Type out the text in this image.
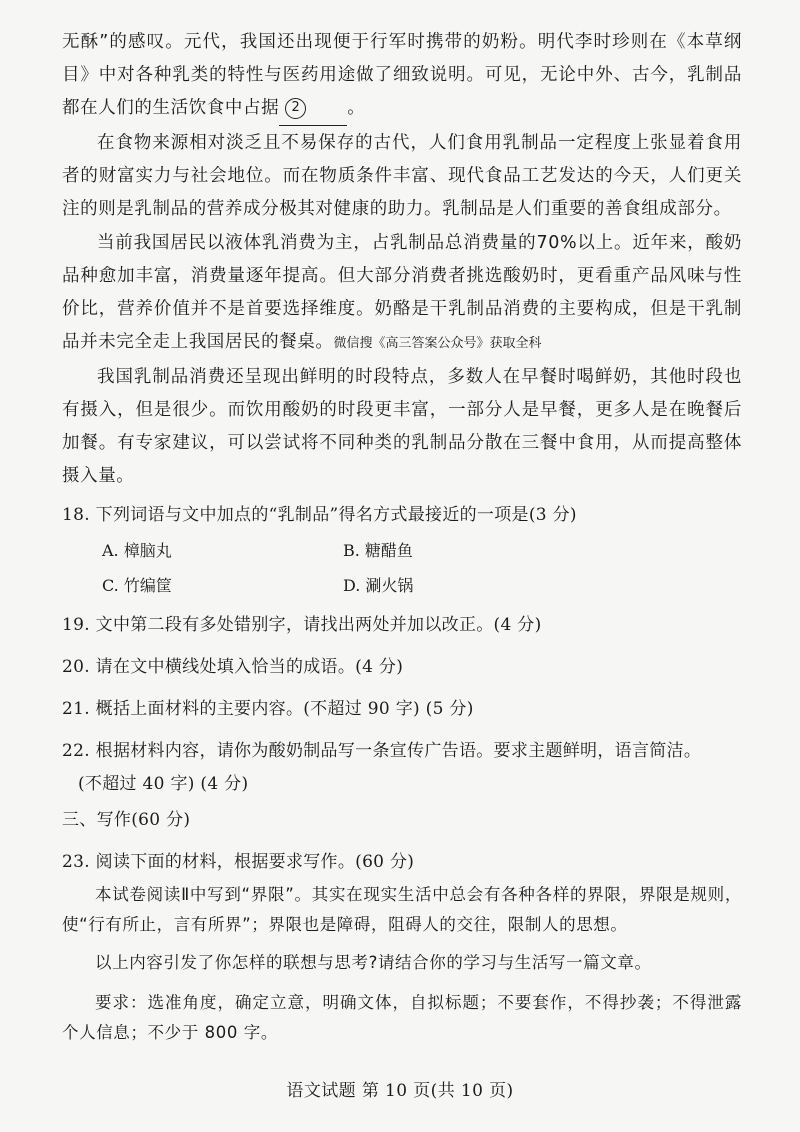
无酥”的感叹。元代，我国还出现便于行军时携带的奶粉。明代李时珍则在《本草纲目》中对各种乳类的特性与医药用途做了细致说明。可见，无论中外、古今，乳制品都在人们的生活饮食中占据 2	。

在食物来源相对淡乏且不易保存的古代，人们食用乳制品一定程度上张显着食用者的财富实力与社会地位。而在物质条件丰富、现代食品工艺发达的今天，人们更关注的则是乳制品的营养成分极其对健康的助力。乳制品是人们重要的善食组成部分。

当前我国居民以液体乳消费为主，占乳制品总消费量的70%以上。近年来，酸奶品种愈加丰富，消费量逐年提高。但大部分消费者挑选酸奶时，更看重产品风味与性价比，营养价值并不是首要选择维度。奶酪是干乳制品消费的主要构成，但是干乳制品并未完全走上我国居民的餐桌。微信搜《高三答案公众号》获取全科

我国乳制品消费还呈现出鲜明的时段特点，多数人在早餐时喝鲜奶，其他时段也有摄入，但是很少。而饮用酸奶的时段更丰富，一部分人是早餐，更多人是在晚餐后加餐。有专家建议，可以尝试将不同种类的乳制品分散在三餐中食用，从而提高整体摄入量。

18. 下列词语与文中加点的“乳制品”得名方式最接近的一项是(3 分)

A. 樟脑丸	B. 糖醋鱼
C. 竹编筐	D. 涮火锅

19. 文中第二段有多处错别字，请找出两处并加以改正。(4 分)

20. 请在文中横线处填入恰当的成语。(4 分)

21. 概括上面材料的主要内容。(不超过 90 字) (5 分)

22. 根据材料内容，请你为酸奶制品写一条宣传广告语。要求主题鲜明，语言简洁。

(不超过 40 字) (4 分)

三、写作(60 分)

23. 阅读下面的材料，根据要求写作。(60 分)

本试卷阅读Ⅱ中写到“界限”。其实在现实生活中总会有各种各样的界限，界限是规则，使“行有所止，言有所界”；界限也是障碍，阻碍人的交往，限制人的思想。

以上内容引发了你怎样的联想与思考?请结合你的学习与生活写一篇文章。

要求：选准角度，确定立意，明确文体，自拟标题；不要套作，不得抄袭；不得泄露个人信息；不少于 800 字。

语文试题 第 10 页(共 10 页)
